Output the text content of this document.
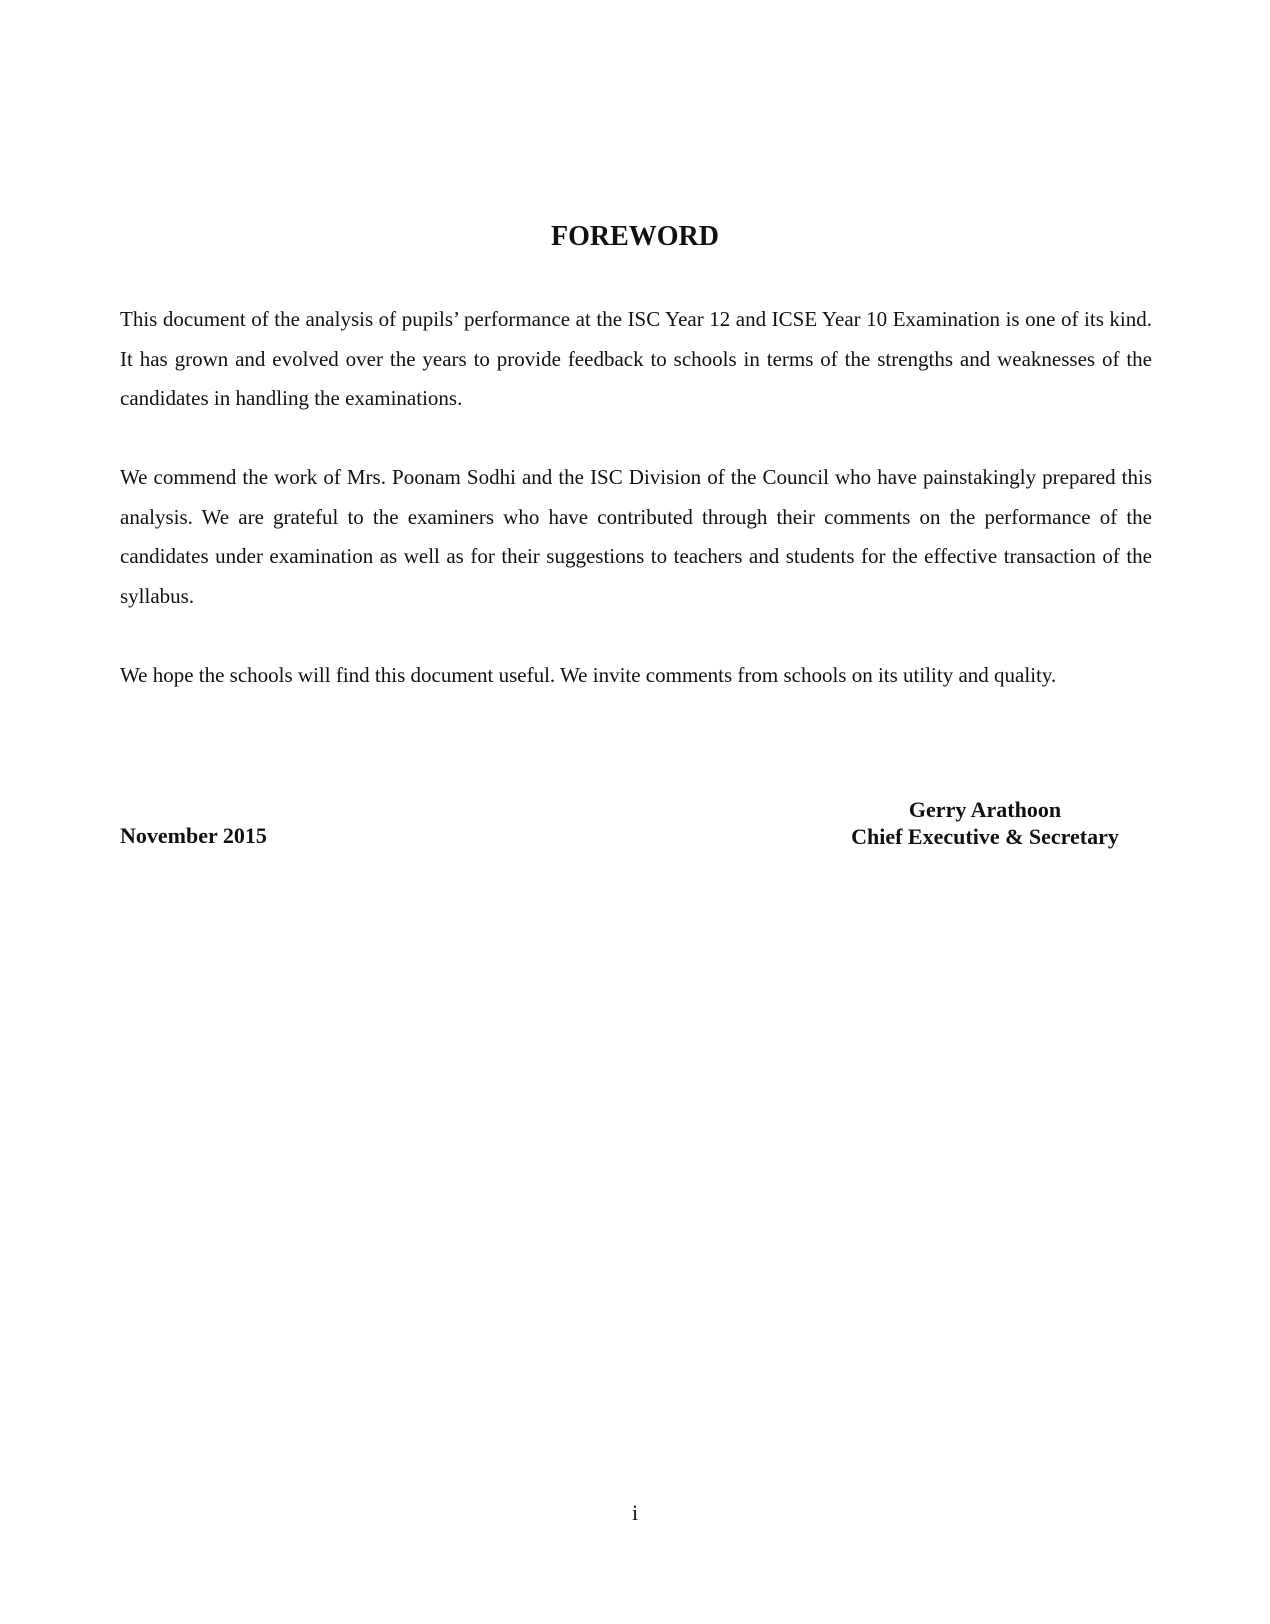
FOREWORD

This document of the analysis of pupils’ performance at the ISC Year 12 and ICSE Year 10 Examination is one of its kind. It has grown and evolved over the years to provide feedback to schools in terms of the strengths and weaknesses of the candidates in handling the examinations.

We commend the work of Mrs. Poonam Sodhi and the ISC Division of the Council who have painstakingly prepared this analysis. We are grateful to the examiners who have contributed through their comments on the performance of the candidates under examination as well as for their suggestions to teachers and students for the effective transaction of the syllabus.

We hope the schools will find this document useful. We invite comments from schools on its utility and quality.

November 2015
Gerry Arathoon
Chief Executive & Secretary
i
